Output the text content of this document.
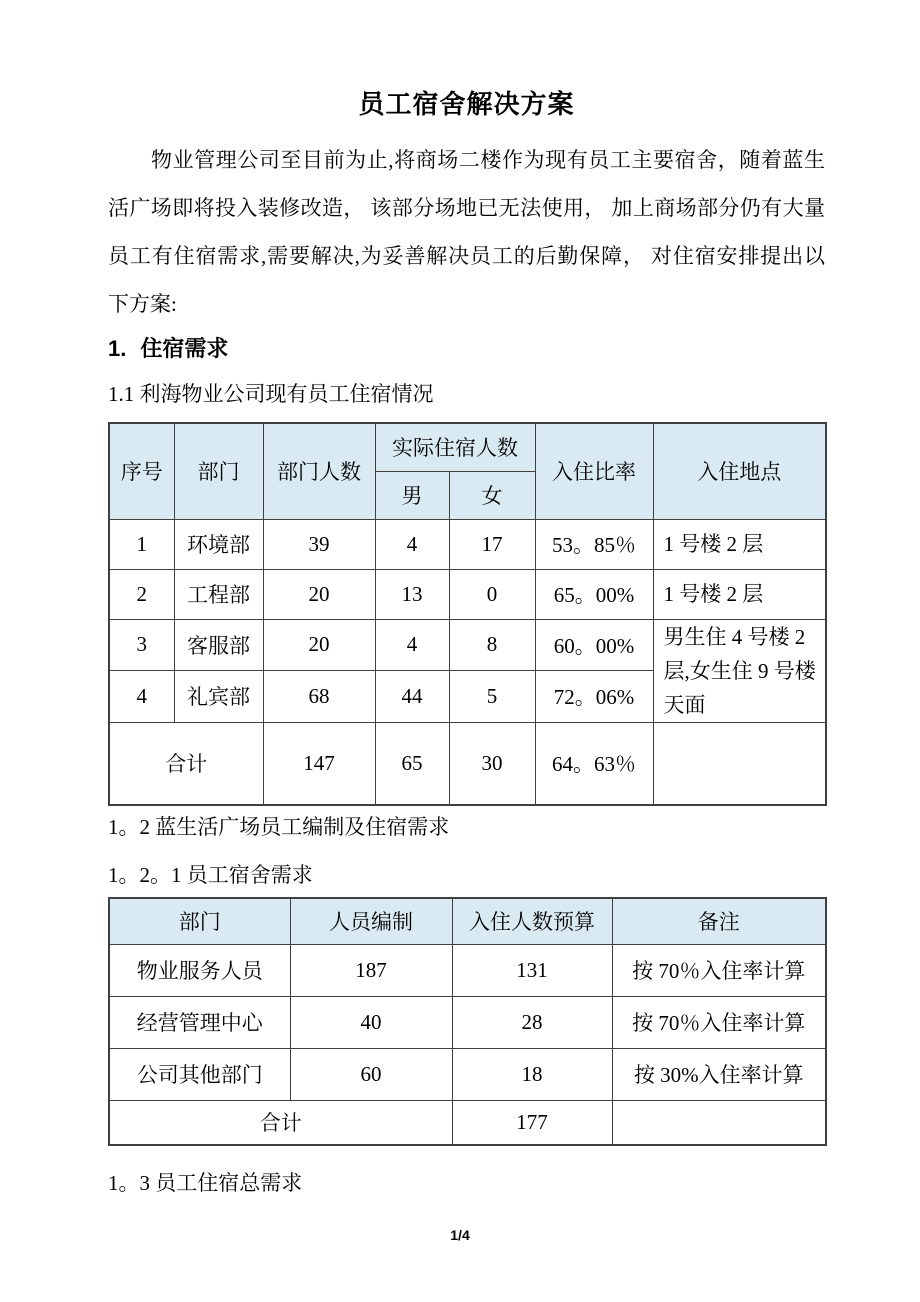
员工宿舍解决方案
物业管理公司至目前为止,将商场二楼作为现有员工主要宿舍，随着蓝生
活广场即将投入装修改造， 该部分场地已无法使用， 加上商场部分仍有大量
员工有住宿需求,需要解决,为妥善解决员工的后勤保障， 对住宿安排提出以
下方案:
1. 住宿需求
1.1 利海物业公司现有员工住宿情况
序号	部门	部门人数	实际住宿人数		入住比率	入住地点
			男	女		
1	环境部	39	4	17	53。85％	1 号楼 2 层
2	工程部	20	13	0	65。00%	1 号楼 2 层
3	客服部	20	4	8	60。00%	男生住 4 号楼 2 层,女生住 9 号楼天面
4	礼宾部	68	44	5	72。06%	
合计		147	65	30	64。63％	
1。2 蓝生活广场员工编制及住宿需求
1。2。1 员工宿舍需求
部门	人员编制	入住人数预算	备注
物业服务人员	187	131	按 70％入住率计算
经营管理中心	40	28	按 70％入住率计算
公司其他部门	60	18	按 30%入住率计算
合计		177	
1。3 员工住宿总需求
1/4
